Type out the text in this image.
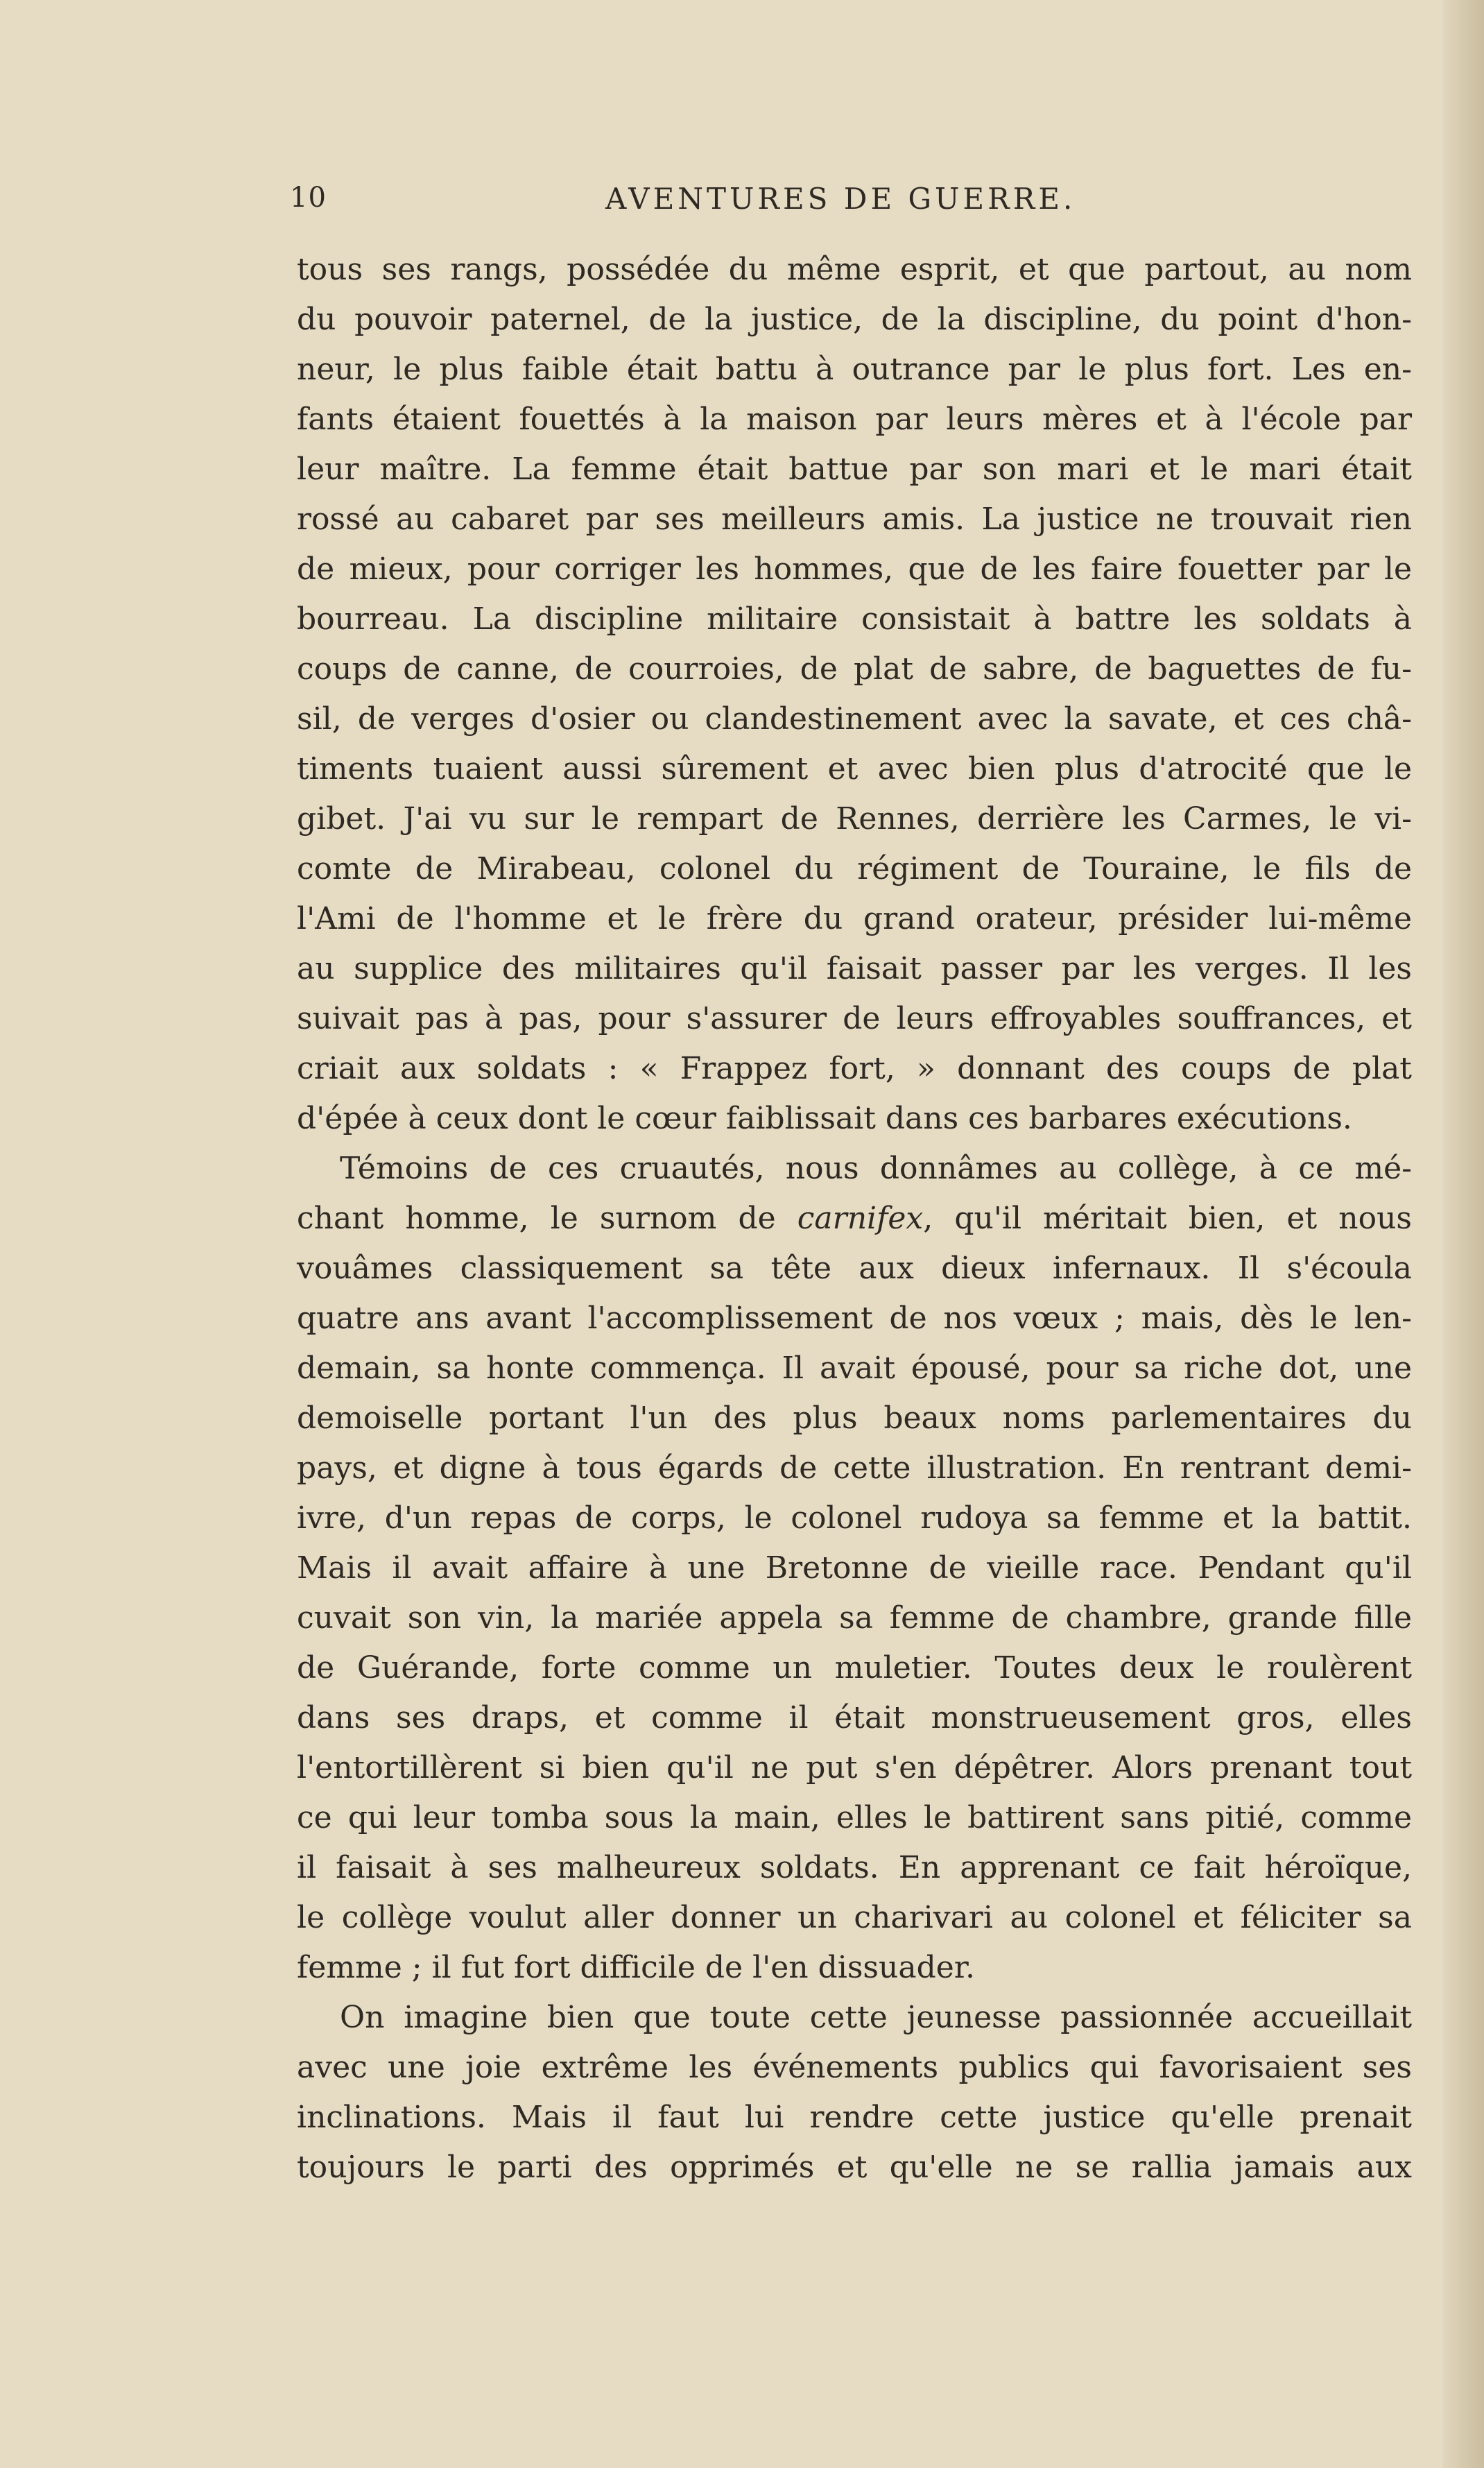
10	AVENTURES DE GUERRE.
tous ses rangs, possédée du même esprit, et que partout, au nom
du pouvoir paternel, de la justice, de la discipline, du point d'hon-
neur, le plus faible était battu à outrance par le plus fort. Les en-
fants étaient fouettés à la maison par leurs mères et à l'école par
leur maître. La femme était battue par son mari et le mari était
rossé au cabaret par ses meilleurs amis. La justice ne trouvait rien
de mieux, pour corriger les hommes, que de les faire fouetter par le
bourreau. La discipline militaire consistait à battre les soldats à
coups de canne, de courroies, de plat de sabre, de baguettes de fu-
sil, de verges d'osier ou clandestinement avec la savate, et ces châ-
timents tuaient aussi sûrement et avec bien plus d'atrocité que le
gibet. J'ai vu sur le rempart de Rennes, derrière les Carmes, le vi-
comte de Mirabeau, colonel du régiment de Touraine, le fils de
l'Ami de l'homme et le frère du grand orateur, présider lui-même
au supplice des militaires qu'il faisait passer par les verges. Il les
suivait pas à pas, pour s'assurer de leurs effroyables souffrances, et
criait aux soldats : « Frappez fort, » donnant des coups de plat
d'épée à ceux dont le cœur faiblissait dans ces barbares exécutions.
Témoins de ces cruautés, nous donnâmes au collège, à ce mé-
chant homme, le surnom de carnifex, qu'il méritait bien, et nous
vouâmes classiquement sa tête aux dieux infernaux. Il s'écoula
quatre ans avant l'accomplissement de nos vœux ; mais, dès le len-
demain, sa honte commença. Il avait épousé, pour sa riche dot, une
demoiselle portant l'un des plus beaux noms parlementaires du
pays, et digne à tous égards de cette illustration. En rentrant demi-
ivre, d'un repas de corps, le colonel rudoya sa femme et la battit.
Mais il avait affaire à une Bretonne de vieille race. Pendant qu'il
cuvait son vin, la mariée appela sa femme de chambre, grande fille
de Guérande, forte comme un muletier. Toutes deux le roulèrent
dans ses draps, et comme il était monstrueusement gros, elles
l'entortillèrent si bien qu'il ne put s'en dépêtrer. Alors prenant tout
ce qui leur tomba sous la main, elles le battirent sans pitié, comme
il faisait à ses malheureux soldats. En apprenant ce fait héroïque,
le collège voulut aller donner un charivari au colonel et féliciter sa
femme ; il fut fort difficile de l'en dissuader.
On imagine bien que toute cette jeunesse passionnée accueillait
avec une joie extrême les événements publics qui favorisaient ses
inclinations. Mais il faut lui rendre cette justice qu'elle prenait
toujours le parti des opprimés et qu'elle ne se rallia jamais aux
